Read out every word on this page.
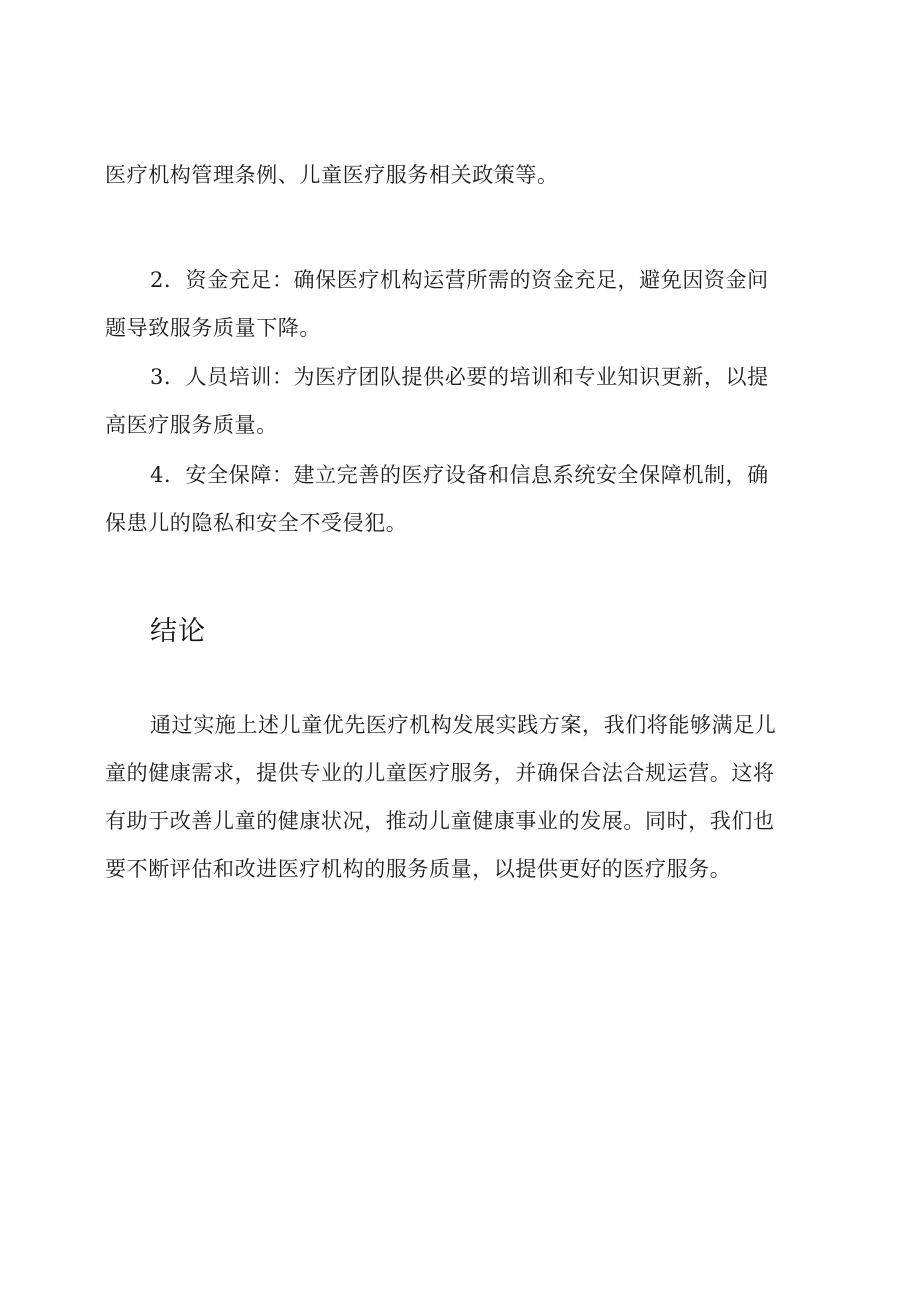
医疗机构管理条例、儿童医疗服务相关政策等。
2．资金充足：确保医疗机构运营所需的资金充足，避免因资金问
题导致服务质量下降。
3．人员培训：为医疗团队提供必要的培训和专业知识更新，以提
高医疗服务质量。
4．安全保障：建立完善的医疗设备和信息系统安全保障机制，确
保患儿的隐私和安全不受侵犯。
结论
通过实施上述儿童优先医疗机构发展实践方案，我们将能够满足儿
童的健康需求，提供专业的儿童医疗服务，并确保合法合规运营。这将
有助于改善儿童的健康状况，推动儿童健康事业的发展。同时，我们也
要不断评估和改进医疗机构的服务质量，以提供更好的医疗服务。
